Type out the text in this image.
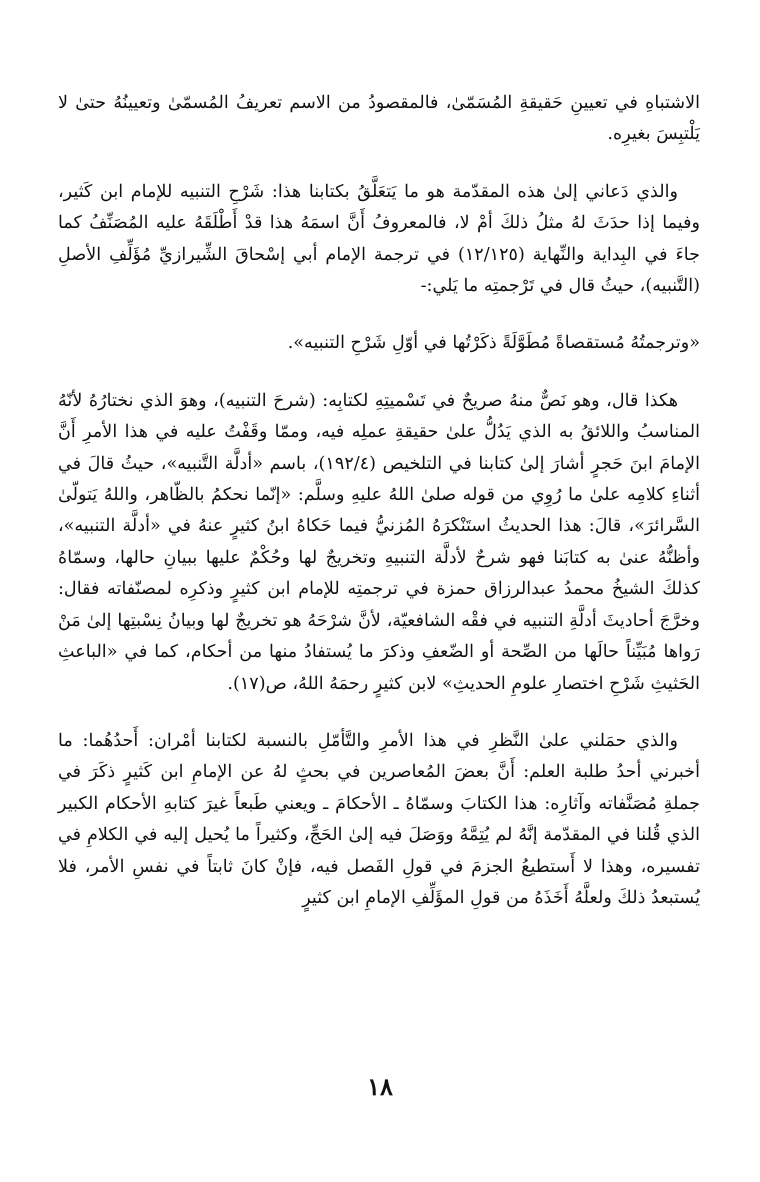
الاشتباهِ في تعيينِ حَقيقةِ المُسَمّىٰ، فالمقصودُ من الاسم تعريفُ المُسمّىٰ وتعيينُهُ حتىٰ لا يَلْتبِسَ بغيرِه.

والذي دَعاني إلىٰ هذه المقدّمة هو ما يَتعَلَّقُ بكتابنا هذا: شَرْحِ التنبيه للإمام ابن كَثير، وفيما إذا حدَثَ لهُ مثلُ ذلكَ أمْ لا، فالمعروفُ أَنَّ اسمَهُ هذا قدْ أَطْلَقَهُ عليه المُصَنِّفُ كما جاءَ في البِداية والنِّهاية (١٢/١٢٥) في ترجمة الإمام أبي إسْحاقَ الشِّيرازيِّ مُؤَلِّفِ الأصلِ (التَّنبيه)، حيثُ قال في تَرْجمتِه ما يَلي:-

«وترجمتُهُ مُستقصاةً مُطَوَّلَةً ذكَرْتُها في أوّلِ شَرْحِ التنبيه».

هكذا قال، وهو نَصٌّ منهُ صريحٌ في تَسْميتِهِ لكتابِه: (شرحَ التنبيه)، وهوَ الذي نختارُهُ لأنّهُ المناسبُ واللائقُ به الذي يَدُلُّ علىٰ حقيقةِ عملِه فيه، وممّا وقَفْتُ عليه في هذا الأمرِ أَنَّ الإمامَ ابنَ حَجرٍ أشارَ إلىٰ كتابنا في التلخيص (١٩٢/٤)، باسم «أدلَّة التَّنبيه»، حيثُ قالَ في أثناءِ كلامِه علىٰ ما رُوِي من قوله صلىٰ اللهُ عليهِ وسلَّم: «إنّما نحكمُ بالظّاهر، واللهُ يَتولّىٰ السَّرائرَ»، قالَ: هذا الحديثُ استَنْكرَهُ المُزنيُّ فيما حَكاهُ ابنُ كثيرٍ عنهُ في «أدلَّة التنبيه»، وأظنُّهُ عنىٰ به كتابَنا فهو شرحٌ لأدلَّة التنبيهِ وتخريجٌ لها وحُكْمٌ عليها ببيانِ حالها، وسمّاهُ كذلكَ الشيخُ محمدُ عبدالرزاق حمزة في ترجمتِه للإمام ابن كثيرٍ وذكرِه لمصنّفاته فقال: وخرَّجَ أحاديثَ أدلَّةِ التنبيه في فقْه الشافعيّة، لأنَّ شرْحَهُ هو تخريجٌ لها وبيانُ نِسْبتِها إلىٰ مَنْ رَواها مُبَيِّناً حالَها من الصِّحة أو الضّعفِ وذكرَ ما يُستفادُ منها من أحكام، كما في «الباعثِ الحَثيثِ شَرْحِ اختصارِ علومِ الحديثِ» لابن كثيرٍ رحمَهُ اللهُ، ص(١٧).

والذي حمَلني علىٰ النَّظرِ في هذا الأمرِ والتَّأمّلِ بالنسبة لكتابنا أمْران: أَحدُهُما: ما أخبرني أحدُ طلبة العلم: أَنَّ بعضَ المُعاصرين في بحثٍ لهُ عن الإمامِ ابن كَثيرٍ ذكَرَ في جملةِ مُصَنَّفاته وآثارِه: هذا الكتابَ وسمّاهُ ـ الأحكامَ ـ ويعني طَبعاً غيرَ كتابهِ الأحكام الكبير الذي قُلنا في المقدّمة إنَّهُ لم يُتِمَّهُ ووَصَلَ فيه إلىٰ الحَجِّ، وكثيراً ما يُحيل إليه في الكلامِ في تفسيره، وهذا لا أَستطيعُ الجزمَ في قولِ الفَصل فيه، فإنْ كانَ ثابتاً في نفسِ الأمر، فلا يُستبعدُ ذلكَ ولعلَّهُ أَخَذَهُ من قولِ المؤَلِّفِ الإمامِ ابن كثيرٍ

١٨
